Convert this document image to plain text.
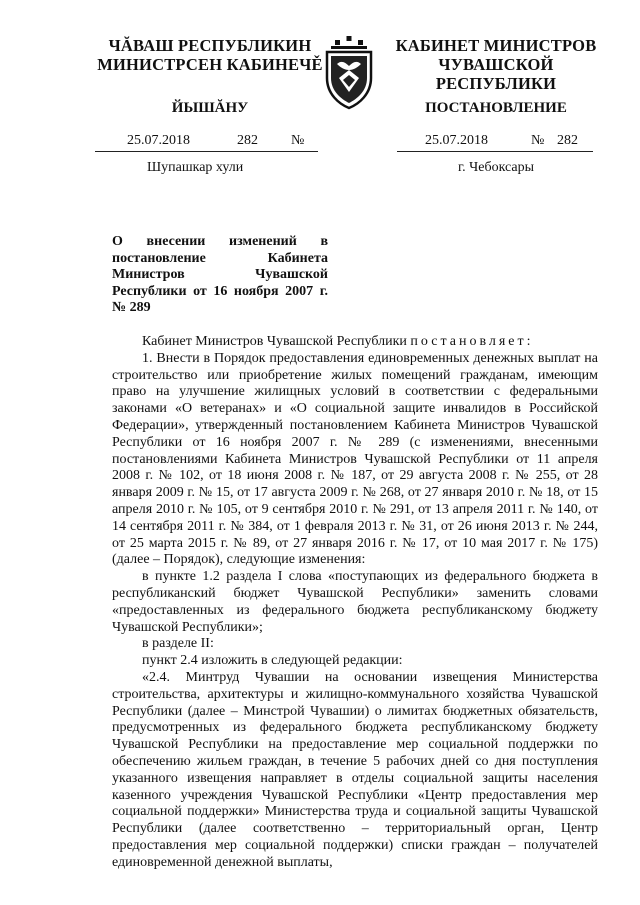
ЧĂВАШ РЕСПУБЛИКИН
МИНИСТРСЕН КАБИНЕЧĚ
ЙЫШĂНУ
КАБИНЕТ МИНИСТРОВ
ЧУВАШСКОЙ РЕСПУБЛИКИ
ПОСТАНОВЛЕНИЕ
25.07.2018	282 №	25.07.2018	№ 282
Шупашкар хули	г. Чебоксары
О внесении изменений в постановление Кабинета Министров Чувашской Республики от 16 ноября 2007 г. № 289

Кабинет Министров Чувашской Республики постановляет:

1. Внести в Порядок предоставления единовременных денежных выплат на строительство или приобретение жилых помещений гражданам, имеющим право на улучшение жилищных условий в соответствии с федеральными законами «О ветеранах» и «О социальной защите инвалидов в Российской Федерации», утвержденный постановлением Кабинета Министров Чувашской Республики от 16 ноября 2007 г. № 289 (с изменениями, внесенными постановлениями Кабинета Министров Чувашской Республики от 11 апреля 2008 г. № 102, от 18 июня 2008 г. № 187, от 29 августа 2008 г. № 255, от 28 января 2009 г. № 15, от 17 августа 2009 г. № 268, от 27 января 2010 г. № 18, от 15 апреля 2010 г. № 105, от 9 сентября 2010 г. № 291, от 13 апреля 2011 г. № 140, от 14 сентября 2011 г. № 384, от 1 февраля 2013 г. № 31, от 26 июня 2013 г. № 244, от 25 марта 2015 г. № 89, от 27 января 2016 г. № 17, от 10 мая 2017 г. № 175) (далее – Порядок), следующие изменения:

в пункте 1.2 раздела I слова «поступающих из федерального бюджета в республиканский бюджет Чувашской Республики» заменить словами «предоставленных из федерального бюджета республиканскому бюджету Чувашской Республики»;

в разделе II:

пункт 2.4 изложить в следующей редакции:

«2.4. Минтруд Чувашии на основании извещения Министерства строительства, архитектуры и жилищно-коммунального хозяйства Чувашской Республики (далее – Минстрой Чувашии) о лимитах бюджетных обязательств, предусмотренных из федерального бюджета республиканскому бюджету Чувашской Республики на предоставление мер социальной поддержки по обеспечению жильем граждан, в течение 5 рабочих дней со дня поступления указанного извещения направляет в отделы социальной защиты населения казенного учреждения Чувашской Республики «Центр предоставления мер социальной поддержки» Министерства труда и социальной защиты Чувашской Республики (далее соответственно – территориальный орган, Центр предоставления мер социальной поддержки) списки граждан – получателей единовременной денежной выплаты,
